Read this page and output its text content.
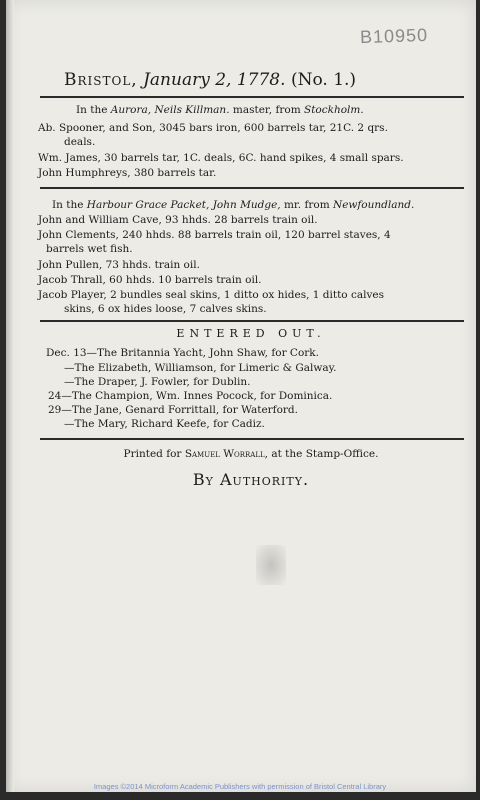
B10950
Bristol, January 2, 1778. (No. 1.)
In the Aurora, Neils Killman. master, from Stockholm.
Ab. Spooner, and Son, 3045 bars iron, 600 barrels tar, 21C. 2 qrs.
deals.
Wm. James, 30 barrels tar, 1C. deals, 6C. hand spikes, 4 small spars.
John Humphreys, 380 barrels tar.
In the Harbour Grace Packet, John Mudge, mr. from Newfoundland.
John and William Cave, 93 hhds. 28 barrels train oil.
John Clements, 240 hhds. 88 barrels train oil, 120 barrel staves, 4
barrels wet fish.
John Pullen, 73 hhds. train oil.
Jacob Thrall, 60 hhds. 10 barrels train oil.
Jacob Player, 2 bundles seal skins, 1 ditto ox hides, 1 ditto calves
skins, 6 ox hides loose, 7 calves skins.
ENTERED OUT.
Dec. 13—The Britannia Yacht, John Shaw, for Cork.
—The Elizabeth, Williamson, for Limeric & Galway.
—The Draper, J. Fowler, for Dublin.
24—The Champion, Wm. Innes Pocock, for Dominica.
29—The Jane, Genard Forrittall, for Waterford.
—The Mary, Richard Keefe, for Cadiz.
Printed for Samuel Worrall, at the Stamp-Office.
By Authority.
Images ©2014 Microform Academic Publishers with permission of Bristol Central Library
